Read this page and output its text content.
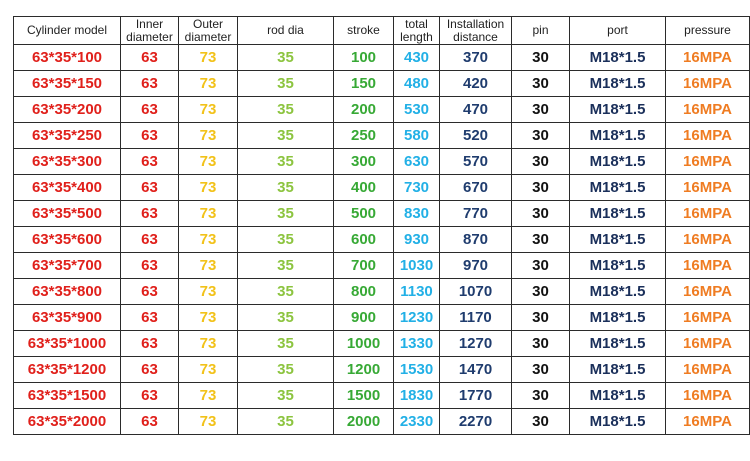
Cylinder model	Inner diameter	Outer diameter	rod dia	stroke	total length	Installation distance	pin	port	pressure
63*35*100	63	73	35	100	430	370	30	M18*1.5	16MPA
63*35*150	63	73	35	150	480	420	30	M18*1.5	16MPA
63*35*200	63	73	35	200	530	470	30	M18*1.5	16MPA
63*35*250	63	73	35	250	580	520	30	M18*1.5	16MPA
63*35*300	63	73	35	300	630	570	30	M18*1.5	16MPA
63*35*400	63	73	35	400	730	670	30	M18*1.5	16MPA
63*35*500	63	73	35	500	830	770	30	M18*1.5	16MPA
63*35*600	63	73	35	600	930	870	30	M18*1.5	16MPA
63*35*700	63	73	35	700	1030	970	30	M18*1.5	16MPA
63*35*800	63	73	35	800	1130	1070	30	M18*1.5	16MPA
63*35*900	63	73	35	900	1230	1170	30	M18*1.5	16MPA
63*35*1000	63	73	35	1000	1330	1270	30	M18*1.5	16MPA
63*35*1200	63	73	35	1200	1530	1470	30	M18*1.5	16MPA
63*35*1500	63	73	35	1500	1830	1770	30	M18*1.5	16MPA
63*35*2000	63	73	35	2000	2330	2270	30	M18*1.5	16MPA
